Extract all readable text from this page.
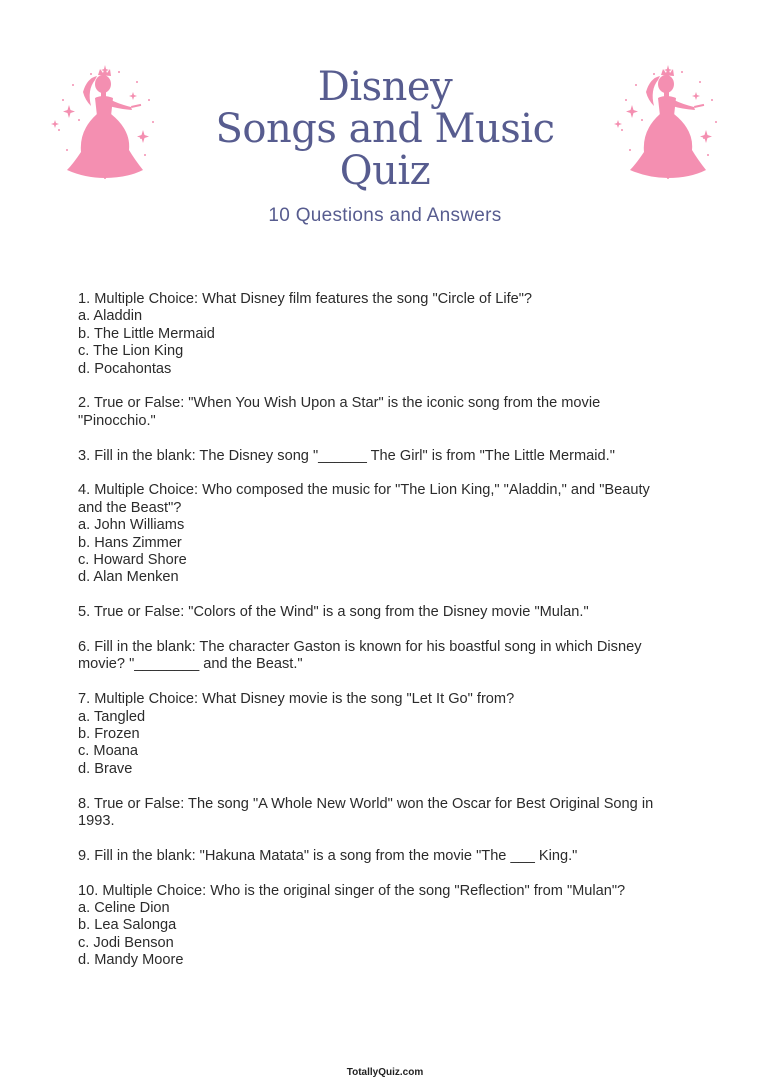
Disney
Songs and Music
Quiz
10 Questions and Answers
1. Multiple Choice: What Disney film features the song "Circle of Life"?
a. Aladdin
b. The Little Mermaid
c. The Lion King
d. Pocahontas
2. True or False: "When You Wish Upon a Star" is the iconic song from the movie "Pinocchio."
3. Fill in the blank: The Disney song "______ The Girl" is from "The Little Mermaid."
4. Multiple Choice: Who composed the music for "The Lion King," "Aladdin," and "Beauty and the Beast"?
a. John Williams
b. Hans Zimmer
c. Howard Shore
d. Alan Menken
5. True or False: "Colors of the Wind" is a song from the Disney movie "Mulan."
6. Fill in the blank: The character Gaston is known for his boastful song in which Disney movie? "________ and the Beast."
7. Multiple Choice: What Disney movie is the song "Let It Go" from?
a. Tangled
b. Frozen
c. Moana
d. Brave
8. True or False: The song "A Whole New World" won the Oscar for Best Original Song in 1993.
9. Fill in the blank: "Hakuna Matata" is a song from the movie "The ___ King."
10. Multiple Choice: Who is the original singer of the song "Reflection" from "Mulan"?
a. Celine Dion
b. Lea Salonga
c. Jodi Benson
d. Mandy Moore
TotallyQuiz.com
